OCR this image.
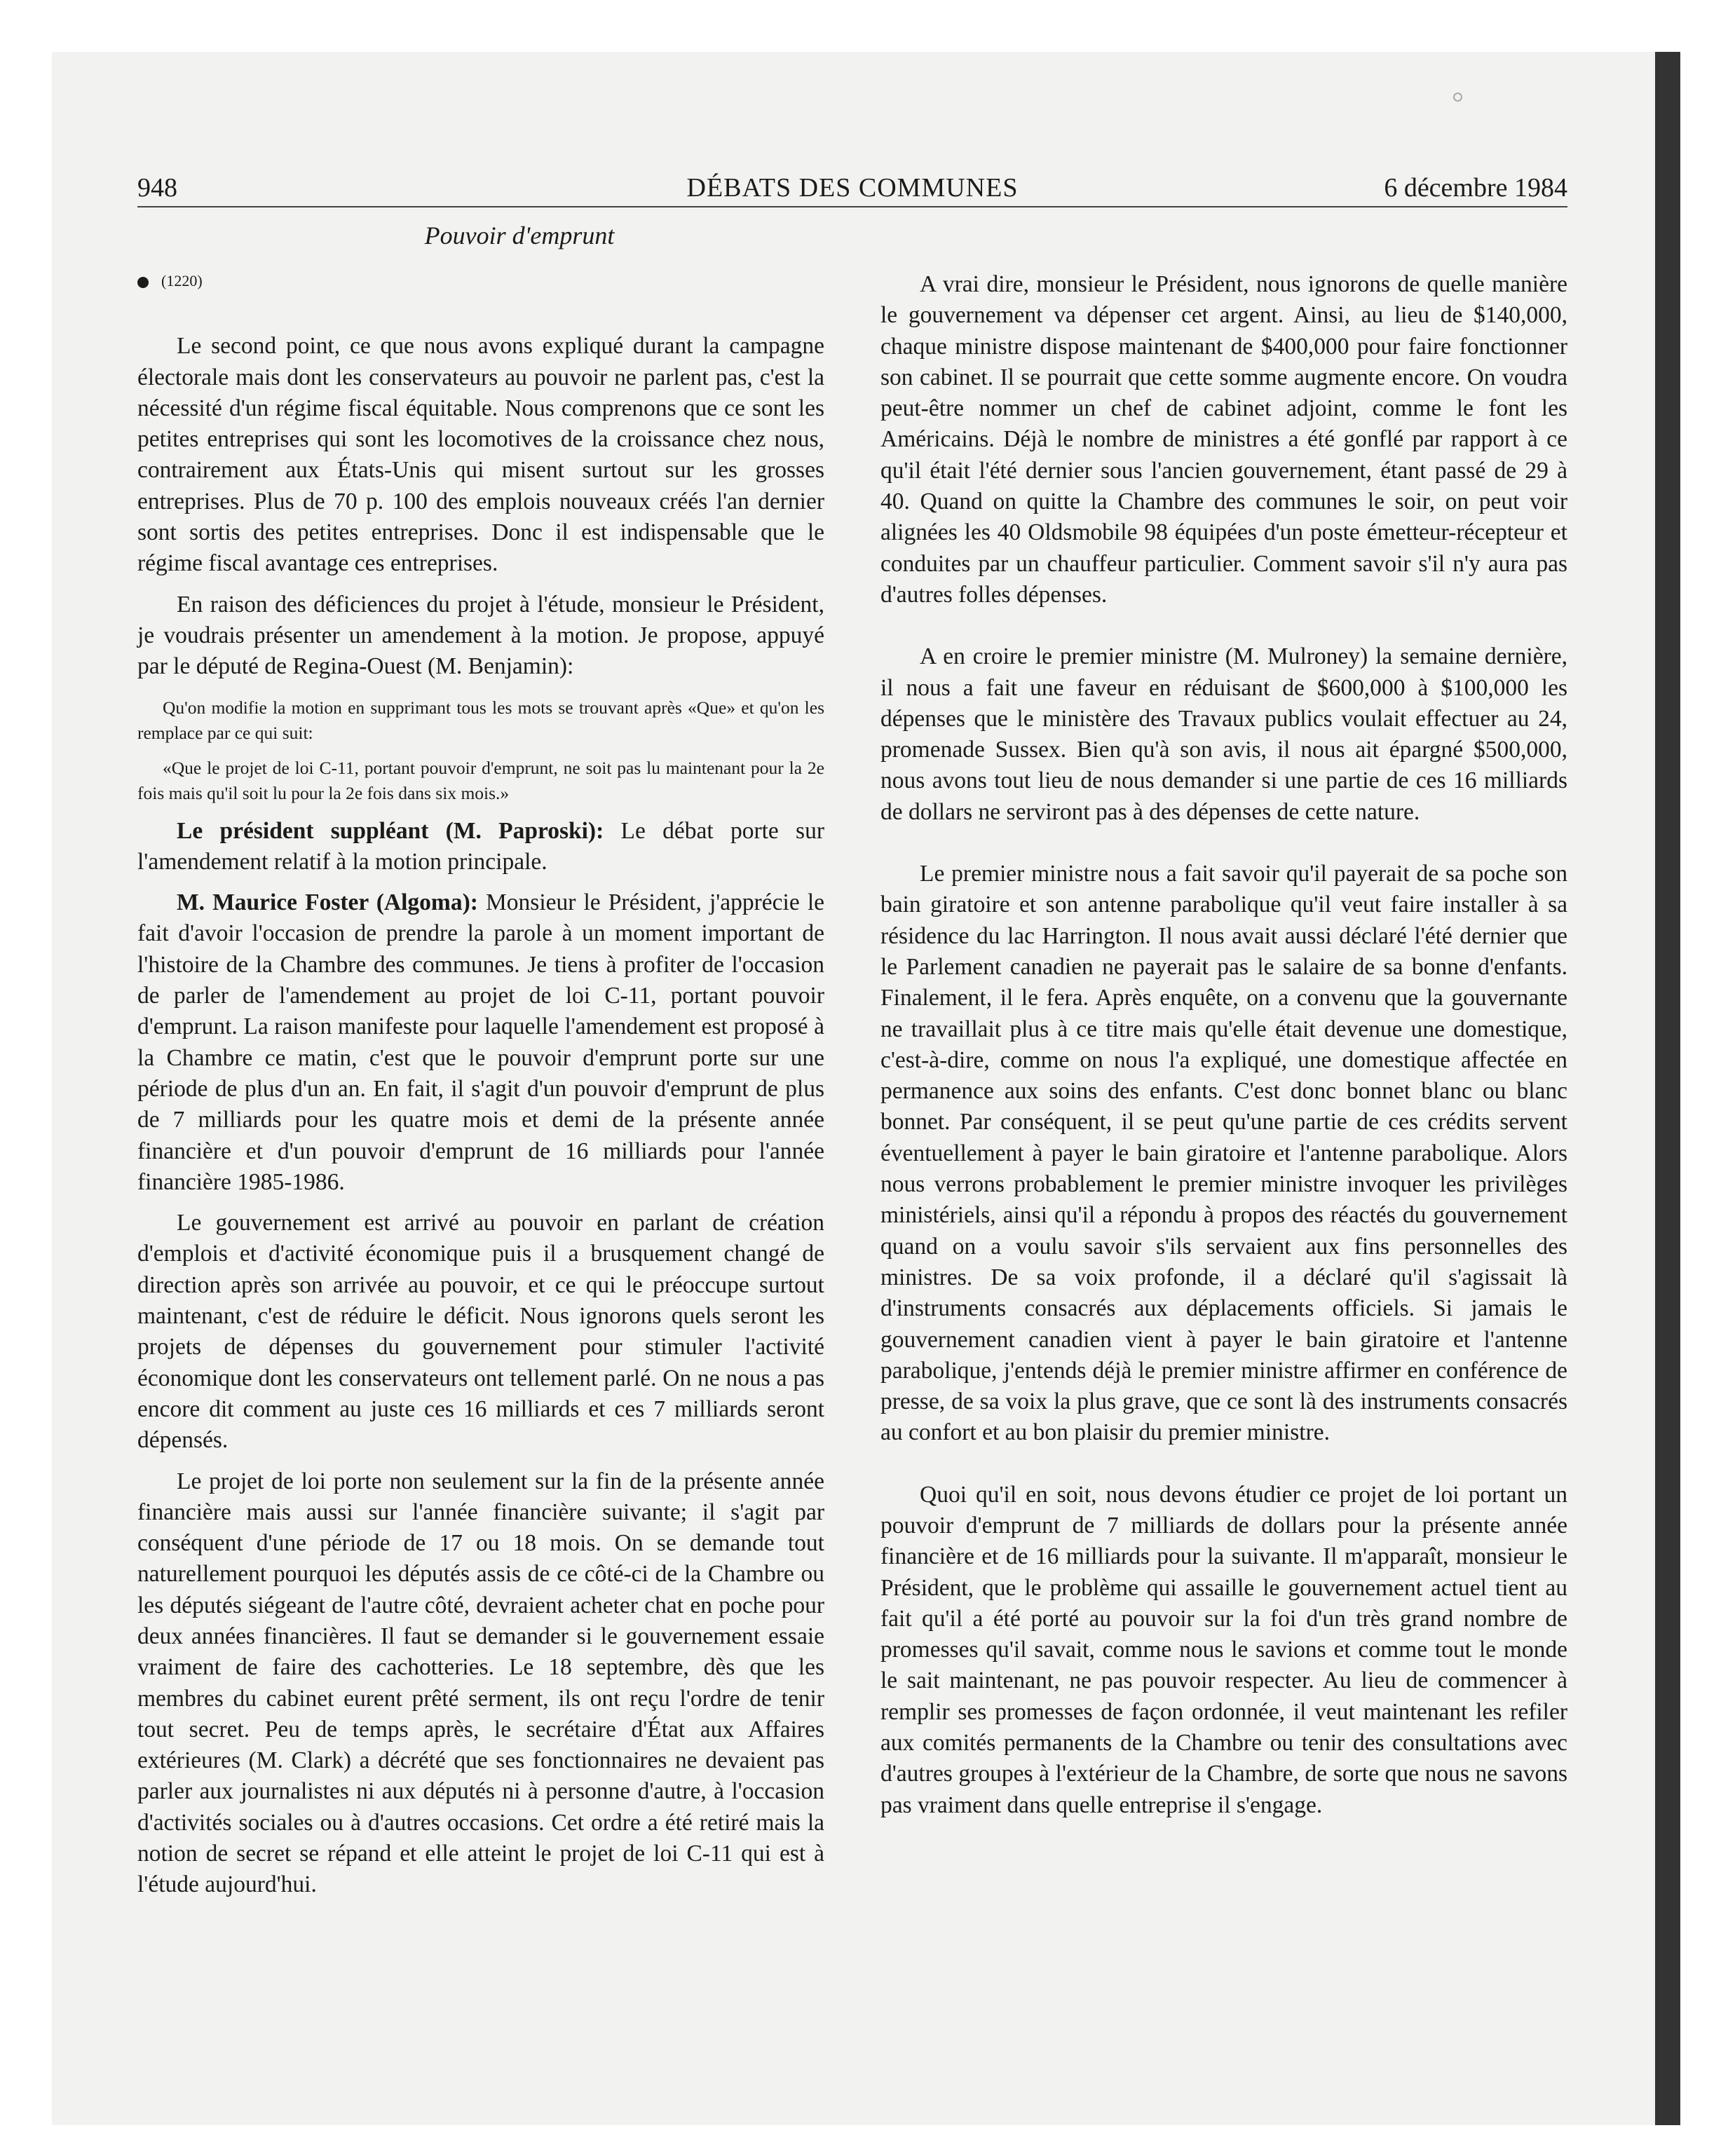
948	DÉBATS DES COMMUNES	6 décembre 1984
Pouvoir d'emprunt
(1220)

Le second point, ce que nous avons expliqué durant la campagne électorale mais dont les conservateurs au pouvoir ne parlent pas, c'est la nécessité d'un régime fiscal équitable. Nous comprenons que ce sont les petites entreprises qui sont les locomotives de la croissance chez nous, contrairement aux États-Unis qui misent surtout sur les grosses entreprises. Plus de 70 p. 100 des emplois nouveaux créés l'an dernier sont sortis des petites entreprises. Donc il est indispensable que le régime fiscal avantage ces entreprises.

En raison des déficiences du projet à l'étude, monsieur le Président, je voudrais présenter un amendement à la motion. Je propose, appuyé par le député de Regina-Ouest (M. Benjamin):

Qu'on modifie la motion en supprimant tous les mots se trouvant après «Que» et qu'on les remplace par ce qui suit:

«Que le projet de loi C-11, portant pouvoir d'emprunt, ne soit pas lu maintenant pour la 2e fois mais qu'il soit lu pour la 2e fois dans six mois.»

Le président suppléant (M. Paproski): Le débat porte sur l'amendement relatif à la motion principale.

M. Maurice Foster (Algoma): Monsieur le Président, j'apprécie le fait d'avoir l'occasion de prendre la parole à un moment important de l'histoire de la Chambre des communes. Je tiens à profiter de l'occasion de parler de l'amendement au projet de loi C-11, portant pouvoir d'emprunt. La raison manifeste pour laquelle l'amendement est proposé à la Chambre ce matin, c'est que le pouvoir d'emprunt porte sur une période de plus d'un an. En fait, il s'agit d'un pouvoir d'emprunt de plus de 7 milliards pour les quatre mois et demi de la présente année financière et d'un pouvoir d'emprunt de 16 milliards pour l'année financière 1985-1986.

Le gouvernement est arrivé au pouvoir en parlant de création d'emplois et d'activité économique puis il a brusquement changé de direction après son arrivée au pouvoir, et ce qui le préoccupe surtout maintenant, c'est de réduire le déficit. Nous ignorons quels seront les projets de dépenses du gouvernement pour stimuler l'activité économique dont les conservateurs ont tellement parlé. On ne nous a pas encore dit comment au juste ces 16 milliards et ces 7 milliards seront dépensés.

Le projet de loi porte non seulement sur la fin de la présente année financière mais aussi sur l'année financière suivante; il s'agit par conséquent d'une période de 17 ou 18 mois. On se demande tout naturellement pourquoi les députés assis de ce côté-ci de la Chambre ou les députés siégeant de l'autre côté, devraient acheter chat en poche pour deux années financières. Il faut se demander si le gouvernement essaie vraiment de faire des cachotteries. Le 18 septembre, dès que les membres du cabinet eurent prêté serment, ils ont reçu l'ordre de tenir tout secret. Peu de temps après, le secrétaire d'État aux Affaires extérieures (M. Clark) a décrété que ses fonctionnaires ne devaient pas parler aux journalistes ni aux députés ni à personne d'autre, à l'occasion d'activités sociales ou à d'autres occasions. Cet ordre a été retiré mais la notion de secret se répand et elle atteint le projet de loi C-11 qui est à l'étude aujourd'hui.

A vrai dire, monsieur le Président, nous ignorons de quelle manière le gouvernement va dépenser cet argent. Ainsi, au lieu de $140,000, chaque ministre dispose maintenant de $400,000 pour faire fonctionner son cabinet. Il se pourrait que cette somme augmente encore. On voudra peut-être nommer un chef de cabinet adjoint, comme le font les Américains. Déjà le nombre de ministres a été gonflé par rapport à ce qu'il était l'été dernier sous l'ancien gouvernement, étant passé de 29 à 40. Quand on quitte la Chambre des communes le soir, on peut voir alignées les 40 Oldsmobile 98 équipées d'un poste émetteur-récepteur et conduites par un chauffeur particulier. Comment savoir s'il n'y aura pas d'autres folles dépenses.

A en croire le premier ministre (M. Mulroney) la semaine dernière, il nous a fait une faveur en réduisant de $600,000 à $100,000 les dépenses que le ministère des Travaux publics voulait effectuer au 24, promenade Sussex. Bien qu'à son avis, il nous ait épargné $500,000, nous avons tout lieu de nous demander si une partie de ces 16 milliards de dollars ne serviront pas à des dépenses de cette nature.

Le premier ministre nous a fait savoir qu'il payerait de sa poche son bain giratoire et son antenne parabolique qu'il veut faire installer à sa résidence du lac Harrington. Il nous avait aussi déclaré l'été dernier que le Parlement canadien ne payerait pas le salaire de sa bonne d'enfants. Finalement, il le fera. Après enquête, on a convenu que la gouvernante ne travaillait plus à ce titre mais qu'elle était devenue une domestique, c'est-à-dire, comme on nous l'a expliqué, une domestique affectée en permanence aux soins des enfants. C'est donc bonnet blanc ou blanc bonnet. Par conséquent, il se peut qu'une partie de ces crédits servent éventuellement à payer le bain giratoire et l'antenne parabolique. Alors nous verrons probablement le premier ministre invoquer les privilèges ministériels, ainsi qu'il a répondu à propos des réactés du gouvernement quand on a voulu savoir s'ils servaient aux fins personnelles des ministres. De sa voix profonde, il a déclaré qu'il s'agissait là d'instruments consacrés aux déplacements officiels. Si jamais le gouvernement canadien vient à payer le bain giratoire et l'antenne parabolique, j'entends déjà le premier ministre affirmer en conférence de presse, de sa voix la plus grave, que ce sont là des instruments consacrés au confort et au bon plaisir du premier ministre.

Quoi qu'il en soit, nous devons étudier ce projet de loi portant un pouvoir d'emprunt de 7 milliards de dollars pour la présente année financière et de 16 milliards pour la suivante. Il m'apparaît, monsieur le Président, que le problème qui assaille le gouvernement actuel tient au fait qu'il a été porté au pouvoir sur la foi d'un très grand nombre de promesses qu'il savait, comme nous le savions et comme tout le monde le sait maintenant, ne pas pouvoir respecter. Au lieu de commencer à remplir ses promesses de façon ordonnée, il veut maintenant les refiler aux comités permanents de la Chambre ou tenir des consultations avec d'autres groupes à l'extérieur de la Chambre, de sorte que nous ne savons pas vraiment dans quelle entreprise il s'engage.
